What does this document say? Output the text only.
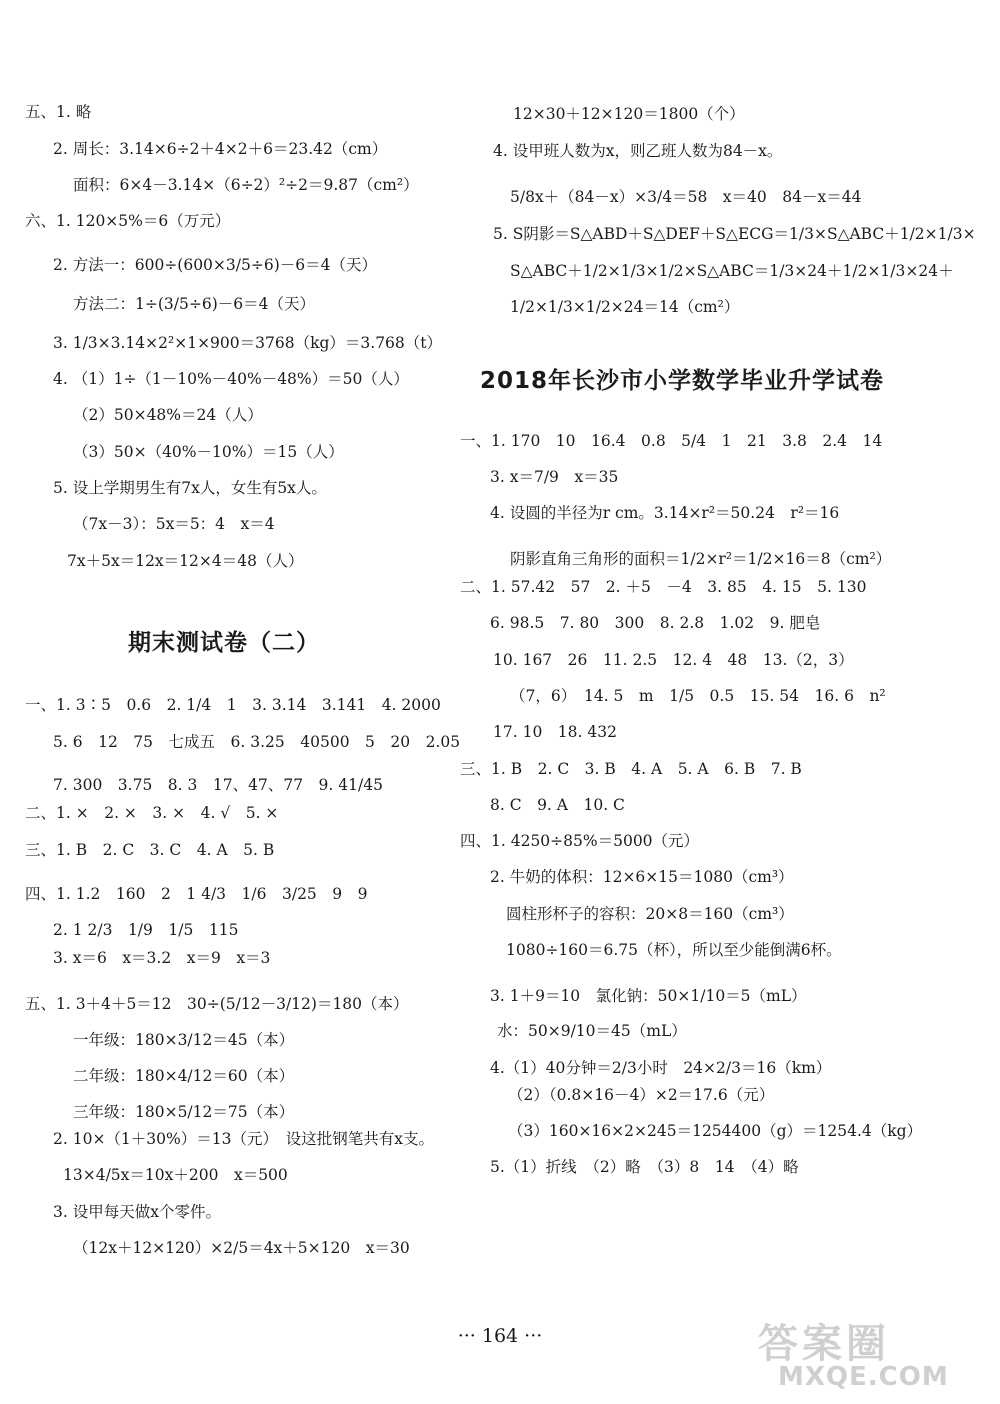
五、1. 略
2. 周长：3.14×6÷2＋4×2＋6＝23.42（cm）
面积：6×4－3.14×（6÷2）²÷2＝9.87（cm²）
六、1. 120×5%＝6（万元）
2. 方法一：600÷(600×3/5÷6)－6＝4（天）
方法二：1÷(3/5÷6)－6＝4（天）
3. 1/3×3.14×2²×1×900＝3768（kg）＝3.768（t）
4. （1）1÷（1－10%－40%－48%）＝50（人）
（2）50×48%＝24（人）
（3）50×（40%－10%）＝15（人）
5. 设上学期男生有7x人，女生有5x人。
（7x－3）：5x＝5：4　x＝4
7x＋5x＝12x＝12×4＝48（人）
期末测试卷（二）
一、1. 3∶5　0.6　2. 1/4　1　3. 3.14̇　3.141　4. 2000
5. 6　12　75　七成五　6. 3.25　40500　5　20　2.05
7. 300　3.75　8. 3　17、47、77　9. 41/45
二、1. ×　2. ×　3. ×　4. √　5. ×
三、1. B　2. C　3. C　4. A　5. B
四、1. 1.2　160　2　1 4/3　1/6　3/25　9　9
2. 1 2/3　1/9　1/5　115
3. x＝6　x＝3.2　x＝9　x＝3
五、1. 3＋4＋5＝12　30÷(5/12－3/12)＝180（本）
一年级：180×3/12＝45（本）
二年级：180×4/12＝60（本）
三年级：180×5/12＝75（本）
2. 10×（1＋30%）＝13（元）　设这批钢笔共有x支。
13×4/5x＝10x＋200　x＝500
3. 设甲每天做x个零件。
（12x＋12×120）×2/5＝4x＋5×120　x＝30
12×30＋12×120＝1800（个）
4. 设甲班人数为x，则乙班人数为84－x。
5/8x＋（84－x）×3/4＝58　x＝40　84－x＝44
5. S阴影＝S△ABD＋S△DEF＋S△ECG＝1/3×S△ABC＋1/2×1/3×
S△ABC＋1/2×1/3×1/2×S△ABC＝1/3×24＋1/2×1/3×24＋
1/2×1/3×1/2×24＝14（cm²）
2018年长沙市小学数学毕业升学试卷
一、1. 170　10　16.4　0.8　5/4　1　21　3.8　2.4　14
3. x＝7/9　x＝35
4. 设圆的半径为r cm。3.14×r²＝50.24　r²＝16
阴影直角三角形的面积＝1/2×r²＝1/2×16＝8（cm²）
二、1. 57.42　57　2. ＋5　－4　3. 85　4. 15　5. 130
6. 98.5　7. 80　300　8. 2.8　1.02　9. 肥皂
10. 167　26　11. 2.5　12. 4　48　13.（2，3）
（7，6）　14. 5　m　1/5　0.5　15. 54　16. 6　n²
17. 10　18. 432
三、1. B　2. C　3. B　4. A　5. A　6. B　7. B
8. C　9. A　10. C
四、1. 4250÷85%＝5000（元）
2. 牛奶的体积：12×6×15＝1080（cm³）
圆柱形杯子的容积：20×8＝160（cm³）
1080÷160＝6.75（杯），所以至少能倒满6杯。
3. 1＋9＝10　氯化钠：50×1/10＝5（mL）
水：50×9/10＝45（mL）
4.（1）40分钟＝2/3小时　24×2/3＝16（km）
（2）（0.8×16－4）×2＝17.6（元）
（3）160×16×2×245＝1254400（g）＝1254.4（kg）
5.（1）折线　（2）略　（3）8　14　（4）略
··· 164 ···	答案圈
MXQE.COM
